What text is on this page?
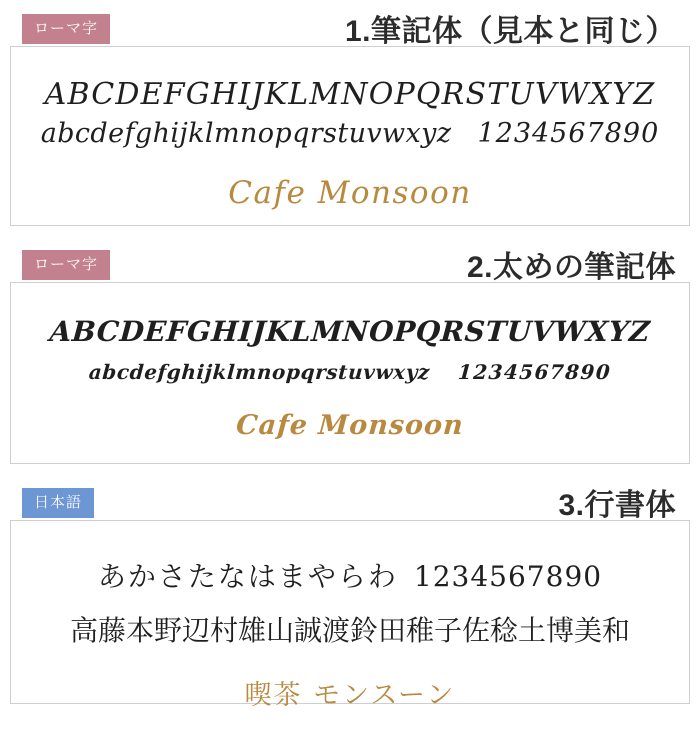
ローマ字	1.筆記体（見本と同じ）
ABCDEFGHIJKLMNOPQRSTUVWXYZ
abcdefghijklmnopqrstuvwxyz 1234567890
Cafe Monsoon
ローマ字	2.太めの筆記体
ABCDEFGHIJKLMNOPQRSTUVWXYZ
abcdefghijklmnopqrstuvwxyz 1234567890
Cafe Monsoon
日本語	3.行書体
あかさたなはまやらわ 1234567890
高藤本野辺村雄山誠渡鈴田稚子佐稔土博美和
喫茶 モンスーン
